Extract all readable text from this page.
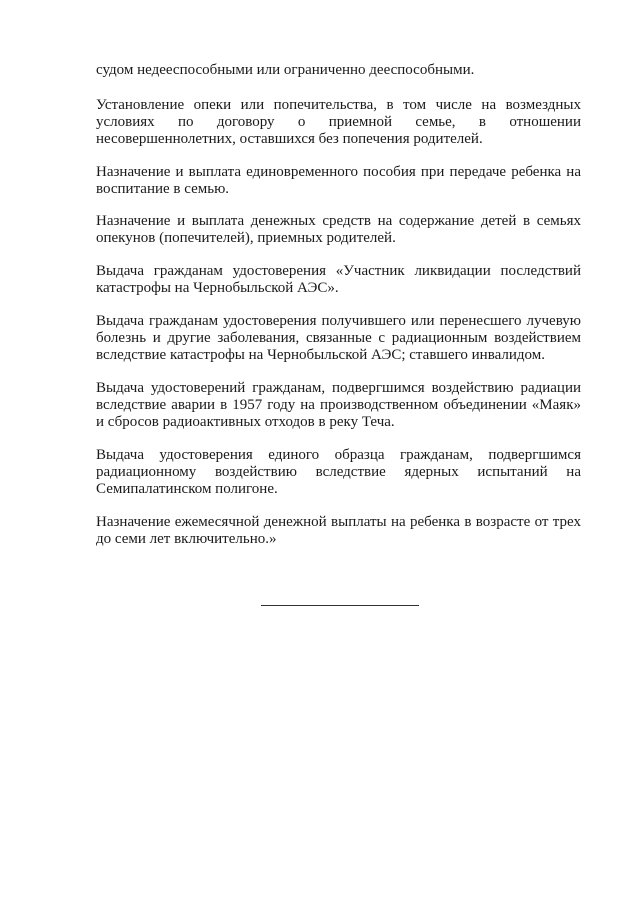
судом недееспособными или ограниченно дееспособными.

Установление опеки или попечительства, в том числе на возмездных условиях по договору о приемной семье, в отношении несовершеннолетних, оставшихся без попечения родителей.

Назначение и выплата единовременного пособия при передаче ребенка на воспитание в семью.

Назначение и выплата денежных средств на содержание детей в семьях опекунов (попечителей), приемных родителей.

Выдача гражданам удостоверения «Участник ликвидации последствий катастрофы на Чернобыльской АЭС».

Выдача гражданам удостоверения получившего или перенесшего лучевую болезнь и другие заболевания, связанные с радиационным воздействием вследствие катастрофы на Чернобыльской АЭС; ставшего инвалидом.

Выдача удостоверений гражданам, подвергшимся воздействию радиации вследствие аварии в 1957 году на производственном объединении «Маяк» и сбросов радиоактивных отходов в реку Теча.

Выдача удостоверения единого образца гражданам, подвергшимся радиационному воздействию вследствие ядерных испытаний на Семипалатинском полигоне.

Назначение ежемесячной денежной выплаты на ребенка в возрасте от трех до семи лет включительно.»
